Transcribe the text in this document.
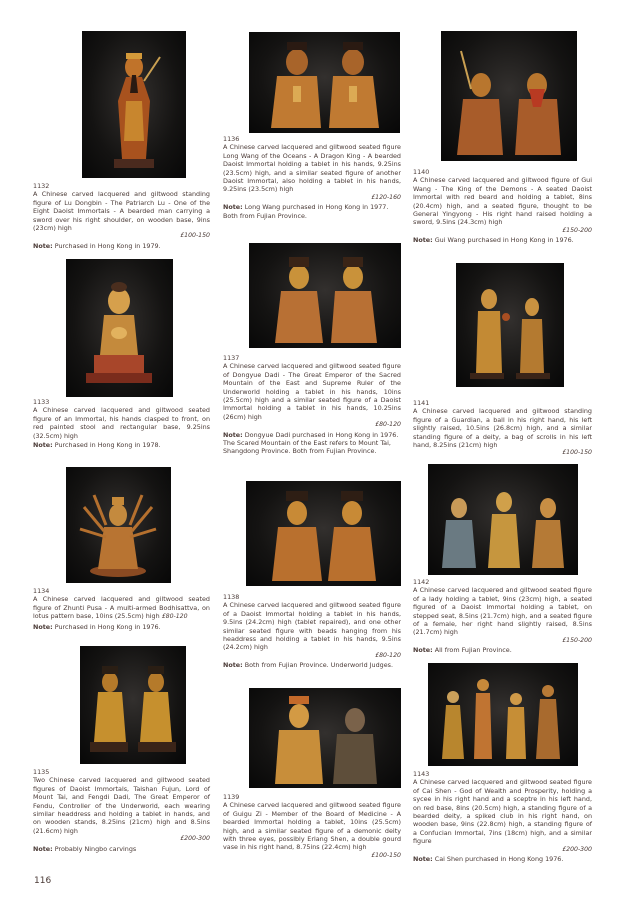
1132
A Chinese carved lacquered and giltwood standing figure of Lu Dongbin - The Patriarch Lu - One of the Eight Daoist Immortals - A bearded man carrying a sword over his right shoulder, on wooden base, 9ins (23cm) high
£100-150
Note: Purchased in Hong Kong in 1979.
1133
A Chinese carved lacquered and giltwood seated figure of an Immortal, his hands clasped to front, on red painted stool and rectangular base, 9.25ins (32.5cm) high
Note: Purchased in Hong Kong in 1978.
1134
A Chinese carved lacquered and giltwood seated figure of Zhunti Pusa - A multi-armed Bodhisattva, on lotus pattern base, 10ins (25.5cm) high £80-120
Note: Purchased in Hong Kong in 1976.
1135
Two Chinese carved lacquered and giltwood seated figures of Daoist Immortals, Taishan Fujun, Lord of Mount Tai, and Fengdi Dadi, The Great Emperor of Fendu, Controller of the Underworld, each wearing similar headdress and holding a tablet in hands, and on wooden stands, 8.25ins (21cm) high and 8.5ins (21.6cm) high
£200-300
Note: Probably Ningbo carvings
1136
A Chinese carved lacquered and giltwood seated figure Long Wang of the Oceans - A Dragon King - A bearded Daoist Immortal holding a tablet in his hands, 9.25ins (23.5cm) high, and a similar seated figure of another Daoist Immortal, also holding a tablet in his hands, 9.25ins (23.5cm) high
£120-160
Note: Long Wang purchased in Hong Kong in 1977. Both from Fujian Province.
1137
A Chinese carved lacquered and giltwood seated figure of Dongyue Dadi - The Great Emperor of the Sacred Mountain of the East and Supreme Ruler of the Underworld holding a tablet in his hands, 10ins (25.5cm) high and a similar seated figure of a Daoist Immortal holding a tablet in his hands, 10.25ins (26cm) high
£80-120
Note: Dongyue Dadi purchased in Hong Kong in 1976. The Scared Mountain of the East refers to Mount Tai, Shangdong Province. Both from Fujian Province.
1138
A Chinese carved lacquered and giltwood seated figure of a Daoist Immortal holding a tablet in his hands, 9.5ins (24.2cm) high (tablet repaired), and one other similar seated figure with beads hanging from his headdress and holding a tablet in his hands, 9.5ins (24.2cm) high
£80-120
Note: Both from Fujian Province. Underworld Judges.
1139
A Chinese carved lacquered and giltwood seated figure of Guigu Zi - Member of the Board of Medicine - A bearded Immortal holding a tablet, 10ins (25.5cm) high, and a similar seated figure of a demonic deity with three eyes, possibly Erlang Shen, a double gourd vase in his right hand, 8.75ins (22.4cm) high
£100-150
1140
A Chinese carved lacquered and giltwood figure of Gui Wang - The King of the Demons - A seated Daoist Immortal with red beard and holding a tablet, 8ins (20.4cm) high, and a seated figure, thought to be General Yingyong - His right hand raised holding a sword, 9.5ins (24.3cm) high
£150-200
Note: Gui Wang purchased in Hong Kong in 1976.
1141
A Chinese carved lacquered and giltwood standing figure of a Guardian, a ball in his right hand, his left slightly raised, 10.5ins (26.8cm) high, and a similar standing figure of a deity, a bag of scrolls in his left hand, 8.25ins (21cm) high
£100-150
1142
A Chinese carved lacquered and giltwood seated figure of a lady holding a tablet, 9ins (23cm) high, a seated figured of a Daoist Immortal holding a tablet, on stepped seat, 8.5ins (21.7cm) high, and a seated figure of a female, her right hand slightly raised, 8.5ins (21.7cm) high
£150-200
Note: All from Fujian Province.
1143
A Chinese carved lacquered and giltwood seated figure of Cai Shen - God of Wealth and Prosperity, holding a sycee in his right hand and a sceptre in his left hand, on red base, 8ins (20.5cm) high, a standing figure of a bearded deity, a spiked club in his right hand, on wooden base, 9ins (22.8cm) high, a standing figure of a Confucian Immortal, 7ins (18cm) high, and a similar figure
£200-300
Note: Cai Shen purchased in Hong Kong 1976.
116
